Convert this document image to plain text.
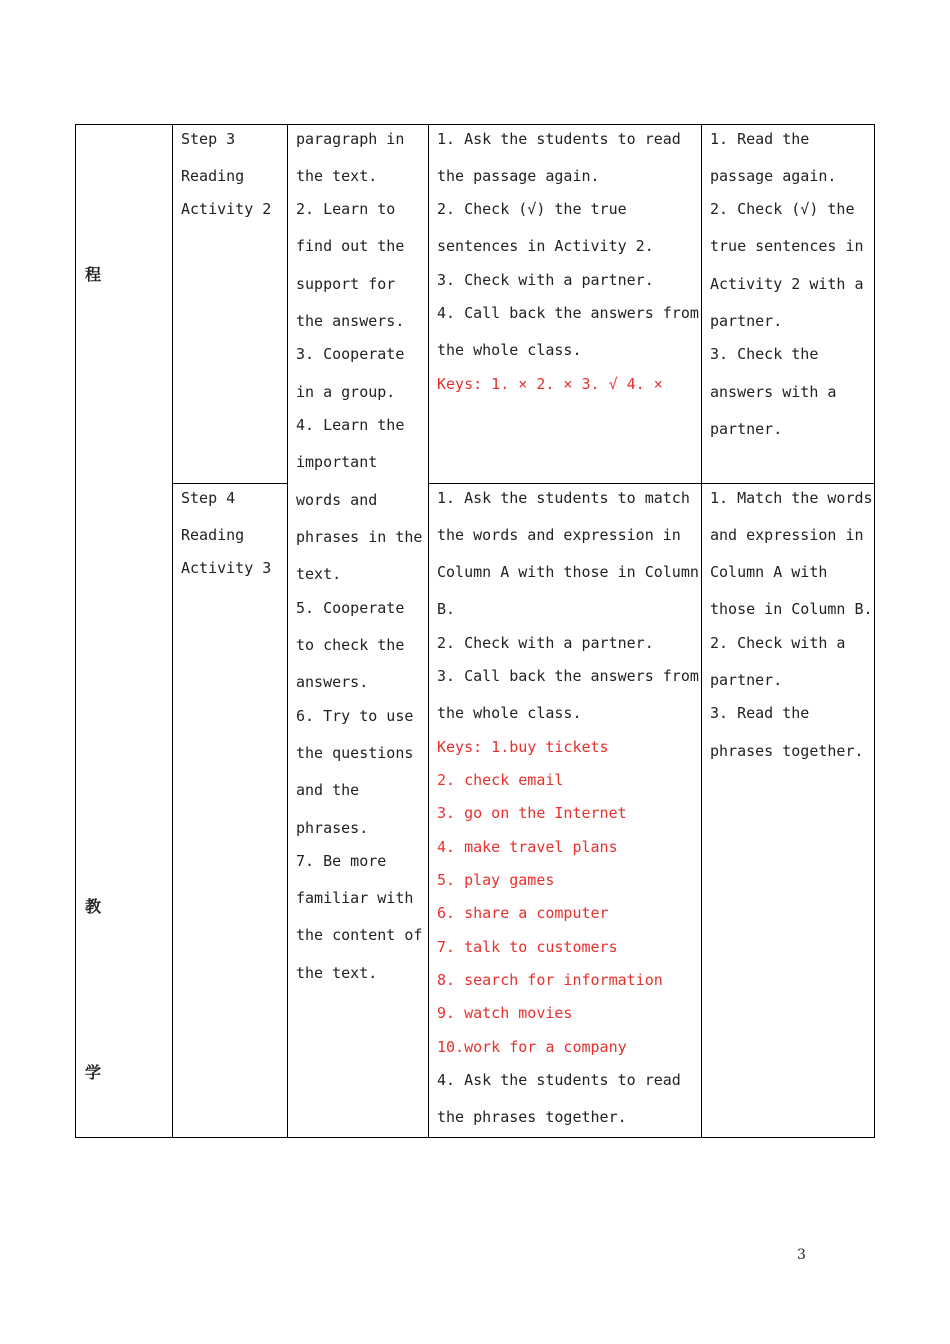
程
教
学
Step 3
Reading
Activity 2
Step 4
Reading
Activity 3
paragraph in
the text.
2. Learn to
find out the
support for
the answers.
3. Cooperate
in a group.
4. Learn the
important
words and
phrases in the
text.
5. Cooperate
to check the
answers.
6. Try to use
the questions
and the
phrases.
7. Be more
familiar with
the content of
the text.
1. Ask the students to read
the passage again.
2. Check (√) the true
sentences in Activity 2.
3. Check with a partner.
4. Call back the answers from
the whole class.
Keys: 1. × 2. × 3. √ 4. ×
1. Ask the students to match
the words and expression in
Column A with those in Column
B.
2. Check with a partner.
3. Call back the answers from
the whole class.
Keys: 1.buy tickets
2. check email
3. go on the Internet
4. make travel plans
5. play games
6. share a computer
7. talk to customers
8. search for information
9. watch movies
10.work for a company
4. Ask the students to read
the phrases together.
1. Read the
passage again.
2. Check (√) the
true sentences in
Activity 2 with a
partner.
3. Check the
answers with a
partner.
1. Match the words
and expression in
Column A with
those in Column B.
2. Check with a
partner.
3. Read the
phrases together.
3
